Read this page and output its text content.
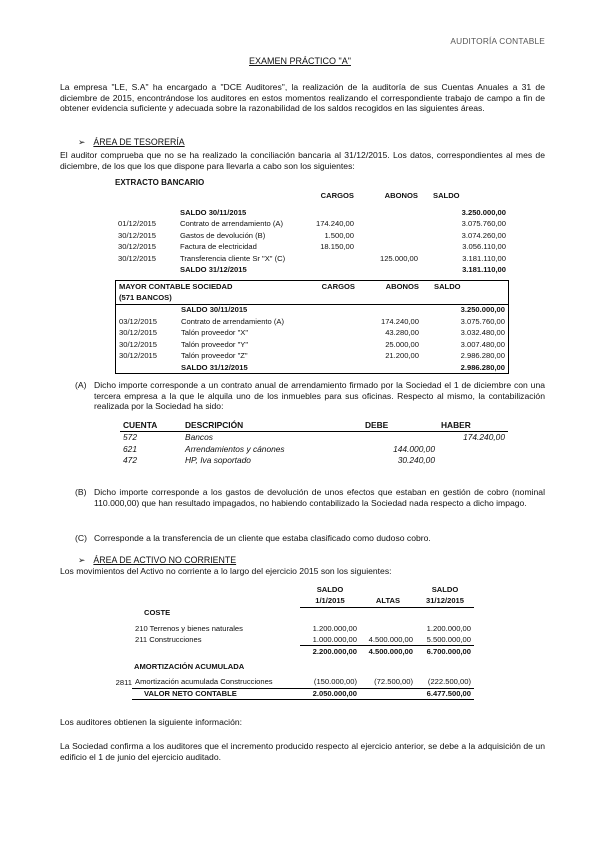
AUDITORÍA CONTABLE
EXAMEN PRÁCTICO "A"
La empresa "LE, S.A" ha encargado a "DCE Auditores", la realización de la auditoría de sus Cuentas Anuales a 31 de diciembre de 2015, encontrándose los auditores en estos momentos realizando el correspondiente trabajo de campo a fin de obtener evidencia suficiente y adecuada sobre la razonabilidad de los saldos recogidos en las siguientes áreas.
➢ ÁREA DE TESORERÍA
El auditor comprueba que no se ha realizado la conciliación bancaria al 31/12/2015. Los datos, correspondientes al mes de diciembre, de los que los que dispone para llevarla a cabo son los siguientes:
EXTRACTO BANCARIO
		CARGOS	ABONOS	SALDO

	SALDO 30/11/2015			3.250.000,00
01/12/2015	Contrato de arrendamiento (A)	174.240,00		3.075.760,00
30/12/2015	Gastos de devolución (B)	1.500,00		3.074.260,00
30/12/2015	Factura de electricidad	18.150,00		3.056.110,00
30/12/2015	Transferencia cliente Sr "X" (C)		125.000,00	3.181.110,00
	SALDO 31/12/2015			3.181.110,00
MAYOR CONTABLE SOCIEDAD		CARGOS	ABONOS	SALDO
(571 BANCOS)				
	SALDO 30/11/2015			3.250.000,00
03/12/2015	Contrato de arrendamiento (A)		174.240,00	3.075.760,00
30/12/2015	Talón proveedor "X"		43.280,00	3.032.480,00
30/12/2015	Talón proveedor "Y"		25.000,00	3.007.480,00
30/12/2015	Talón proveedor "Z"		21.200,00	2.986.280,00
	SALDO 31/12/2015			2.986.280,00
(A) Dicho importe corresponde a un contrato anual de arrendamiento firmado por la Sociedad el 1 de diciembre con una tercera empresa a la que le alquila uno de los inmuebles para sus oficinas. Respecto al mismo, la contabilización realizada por la Sociedad ha sido:
CUENTA	DESCRIPCIÓN	DEBE	HABER
572	Bancos		174.240,00
621	Arrendamientos y cánones	144.000,00	
472	HP, Iva soportado	30.240,00	
(B) Dicho importe corresponde a los gastos de devolución de unos efectos que estaban en gestión de cobro (nominal 110.000,00) que han resultado impagados, no habiendo contabilizado la Sociedad nada respecto a dicho impago.
(C) Corresponde a la transferencia de un cliente que estaba clasificado como dudoso cobro.
➢ ÁREA DE ACTIVO NO CORRIENTE
Los movimientos del Activo no corriente a lo largo del ejercicio 2015 son los siguientes:
		SALDO		SALDO
		1/1/2015	ALTAS	31/12/2015
	COSTE			

	210 Terrenos y bienes naturales	1.200.000,00		1.200.000,00
	211 Construcciones	1.000.000,00	4.500.000,00	5.500.000,00
		2.200.000,00	4.500.000,00	6.700.000,00

	AMORTIZACIÓN ACUMULADA			

2811	Amortización acumulada Construcciones	(150.000,00)	(72.500,00)	(222.500,00)
	VALOR NETO CONTABLE	2.050.000,00		6.477.500,00
Los auditores obtienen la siguiente información:
La Sociedad confirma a los auditores que el incremento producido respecto al ejercicio anterior, se debe a la adquisición de un edificio el 1 de junio del ejercicio auditado.
